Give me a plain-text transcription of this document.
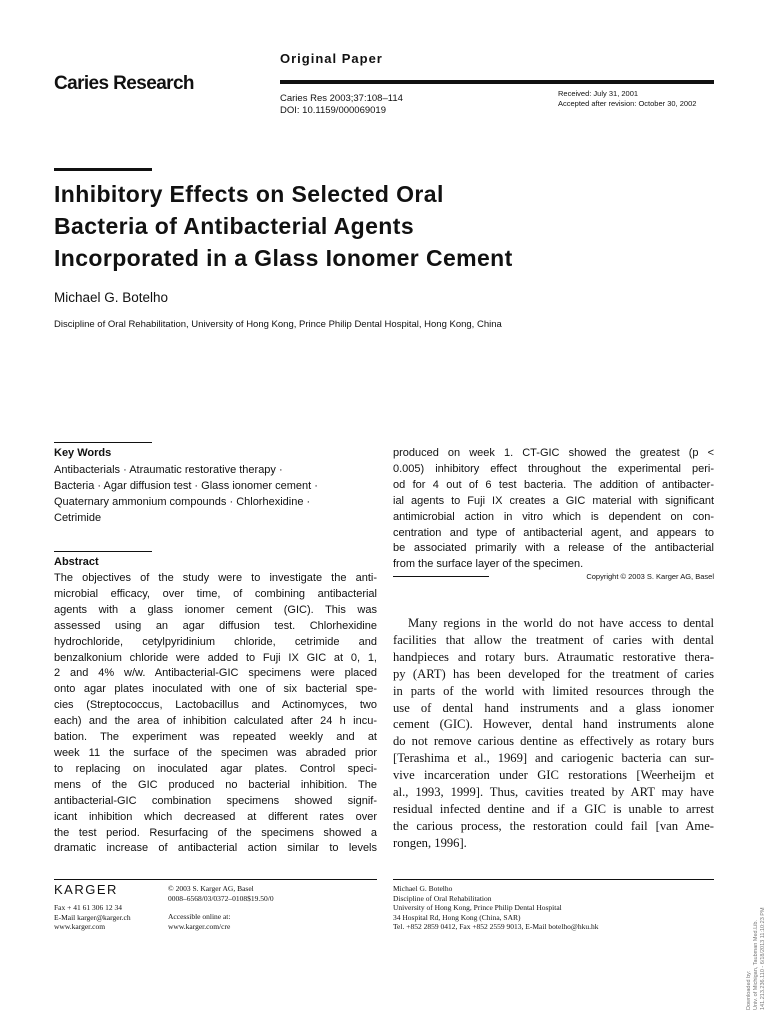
Caries Research
Original Paper
Caries Res 2003;37:108–114
DOI: 10.1159/000069019
Received: July 31, 2001
Accepted after revision: October 30, 2002
Inhibitory Effects on Selected Oral
Bacteria of Antibacterial Agents
Incorporated in a Glass Ionomer Cement
Michael G. Botelho
Discipline of Oral Rehabilitation, University of Hong Kong, Prince Philip Dental Hospital, Hong Kong, China
Key Words
Antibacterials · Atraumatic restorative therapy ·
Bacteria · Agar diffusion test · Glass ionomer cement ·
Quaternary ammonium compounds · Chlorhexidine ·
Cetrimide
Abstract
The objectives of the study were to investigate the anti-
microbial efficacy, over time, of combining antibacterial
agents with a glass ionomer cement (GIC). This was
assessed using an agar diffusion test. Chlorhexidine
hydrochloride, cetylpyridinium chloride, cetrimide and
benzalkonium chloride were added to Fuji IX GIC at 0, 1,
2 and 4% w/w. Antibacterial-GIC specimens were placed
onto agar plates inoculated with one of six bacterial spe-
cies (Streptococcus, Lactobacillus and Actinomyces, two
each) and the area of inhibition calculated after 24 h incu-
bation. The experiment was repeated weekly and at
week 11 the surface of the specimen was abraded prior
to replacing on inoculated agar plates. Control speci-
mens of the GIC produced no bacterial inhibition. The
antibacterial-GIC combination specimens showed signif-
icant inhibition which decreased at different rates over
the test period. Resurfacing of the specimens showed a
dramatic increase of antibacterial action similar to levels
produced on week 1. CT-GIC showed the greatest (p <
0.005) inhibitory effect throughout the experimental peri-
od for 4 out of 6 test bacteria. The addition of antibacter-
ial agents to Fuji IX creates a GIC material with significant
antimicrobial action in vitro which is dependent on con-
centration and type of antibacterial agent, and appears to
be associated primarily with a release of the antibacterial
from the surface layer of the specimen.
Copyright © 2003 S. Karger AG, Basel
Many regions in the world do not have access to dental
facilities that allow the treatment of caries with dental
handpieces and rotary burs. Atraumatic restorative thera-
py (ART) has been developed for the treatment of caries
in parts of the world with limited resources through the
use of dental hand instruments and a glass ionomer
cement (GIC). However, dental hand instruments alone
do not remove carious dentine as effectively as rotary burs
[Terashima et al., 1969] and cariogenic bacteria can sur-
vive incarceration under GIC restorations [Weerheijm et
al., 1993, 1999]. Thus, cavities treated by ART may have
residual infected dentine and if a GIC is unable to arrest
the carious process, the restoration could fail [van Ame-
rongen, 1996].
KARGER
Fax + 41 61 306 12 34
E-Mail karger@karger.ch
www.karger.com
© 2003 S. Karger AG, Basel
0008–6568/03/0372–0108$19.50/0
Accessible online at:
www.karger.com/cre
Michael G. Botelho
Discipline of Oral Rehabilitation
University of Hong Kong, Prince Philip Dental Hospital
34 Hospital Rd, Hong Kong (China, SAR)
Tel. +852 2859 0412, Fax +852 2559 9013, E-Mail botelho@hku.hk
Downloaded by: Univ. of Michigan, Taubman Med.Lib. 141.213.236.110 - 6/18/2013 11:10:23 PM
